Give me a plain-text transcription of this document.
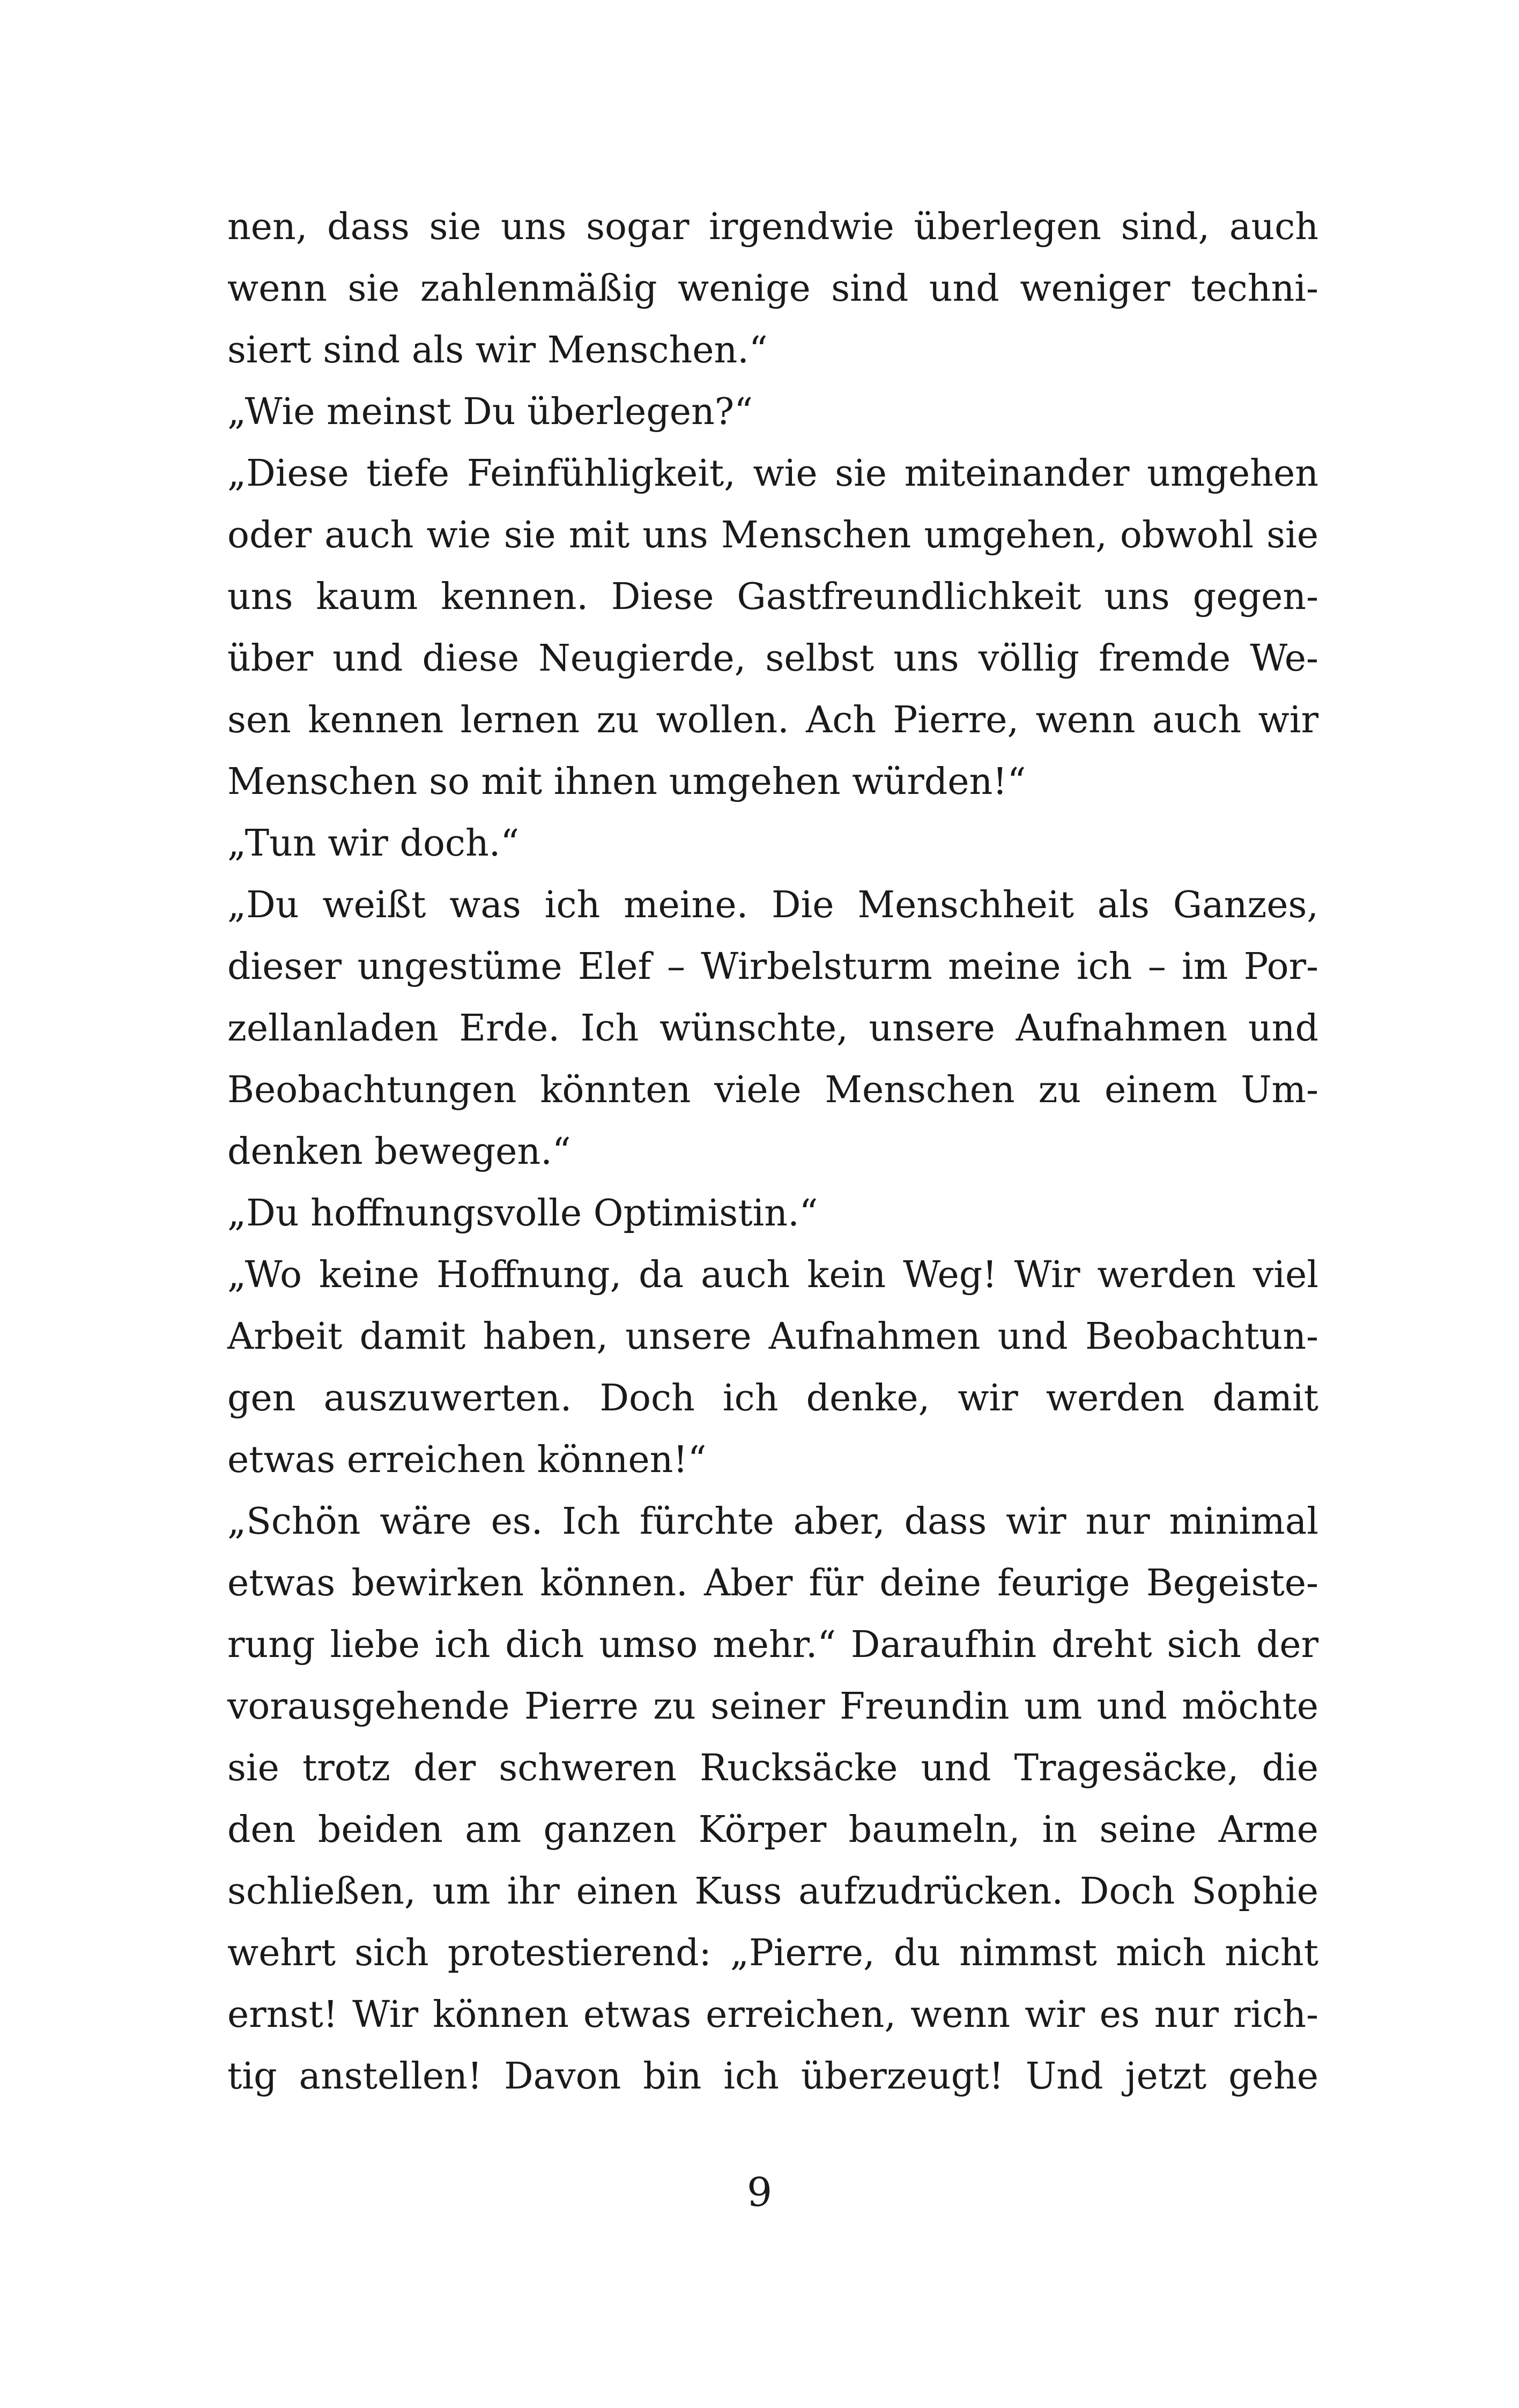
nen, dass sie uns sogar irgendwie überlegen sind, auch
wenn sie zahlenmäßig wenige sind und weniger techni-
siert sind als wir Menschen.“
„Wie meinst Du überlegen?“
„Diese tiefe Feinfühligkeit, wie sie miteinander umgehen
oder auch wie sie mit uns Menschen umgehen, obwohl sie
uns kaum kennen. Diese Gastfreundlichkeit uns gegen-
über und diese Neugierde, selbst uns völlig fremde We-
sen kennen lernen zu wollen. Ach Pierre, wenn auch wir
Menschen so mit ihnen umgehen würden!“
„Tun wir doch.“
„Du weißt was ich meine. Die Menschheit als Ganzes,
dieser ungestüme Elef – Wirbelsturm meine ich – im Por-
zellanladen Erde. Ich wünschte, unsere Aufnahmen und
Beobachtungen könnten viele Menschen zu einem Um-
denken bewegen.“
„Du hoffnungsvolle Optimistin.“
„Wo keine Hoffnung, da auch kein Weg! Wir werden viel
Arbeit damit haben, unsere Aufnahmen und Beobachtun-
gen auszuwerten. Doch ich denke, wir werden damit
etwas erreichen können!“
„Schön wäre es. Ich fürchte aber, dass wir nur minimal
etwas bewirken können. Aber für deine feurige Begeiste-
rung liebe ich dich umso mehr.“ Daraufhin dreht sich der
vorausgehende Pierre zu seiner Freundin um und möchte
sie trotz der schweren Rucksäcke und Tragesäcke, die
den beiden am ganzen Körper baumeln, in seine Arme
schließen, um ihr einen Kuss aufzudrücken. Doch Sophie
wehrt sich protestierend: „Pierre, du nimmst mich nicht
ernst! Wir können etwas erreichen, wenn wir es nur rich-
tig anstellen! Davon bin ich überzeugt! Und jetzt gehe
9
